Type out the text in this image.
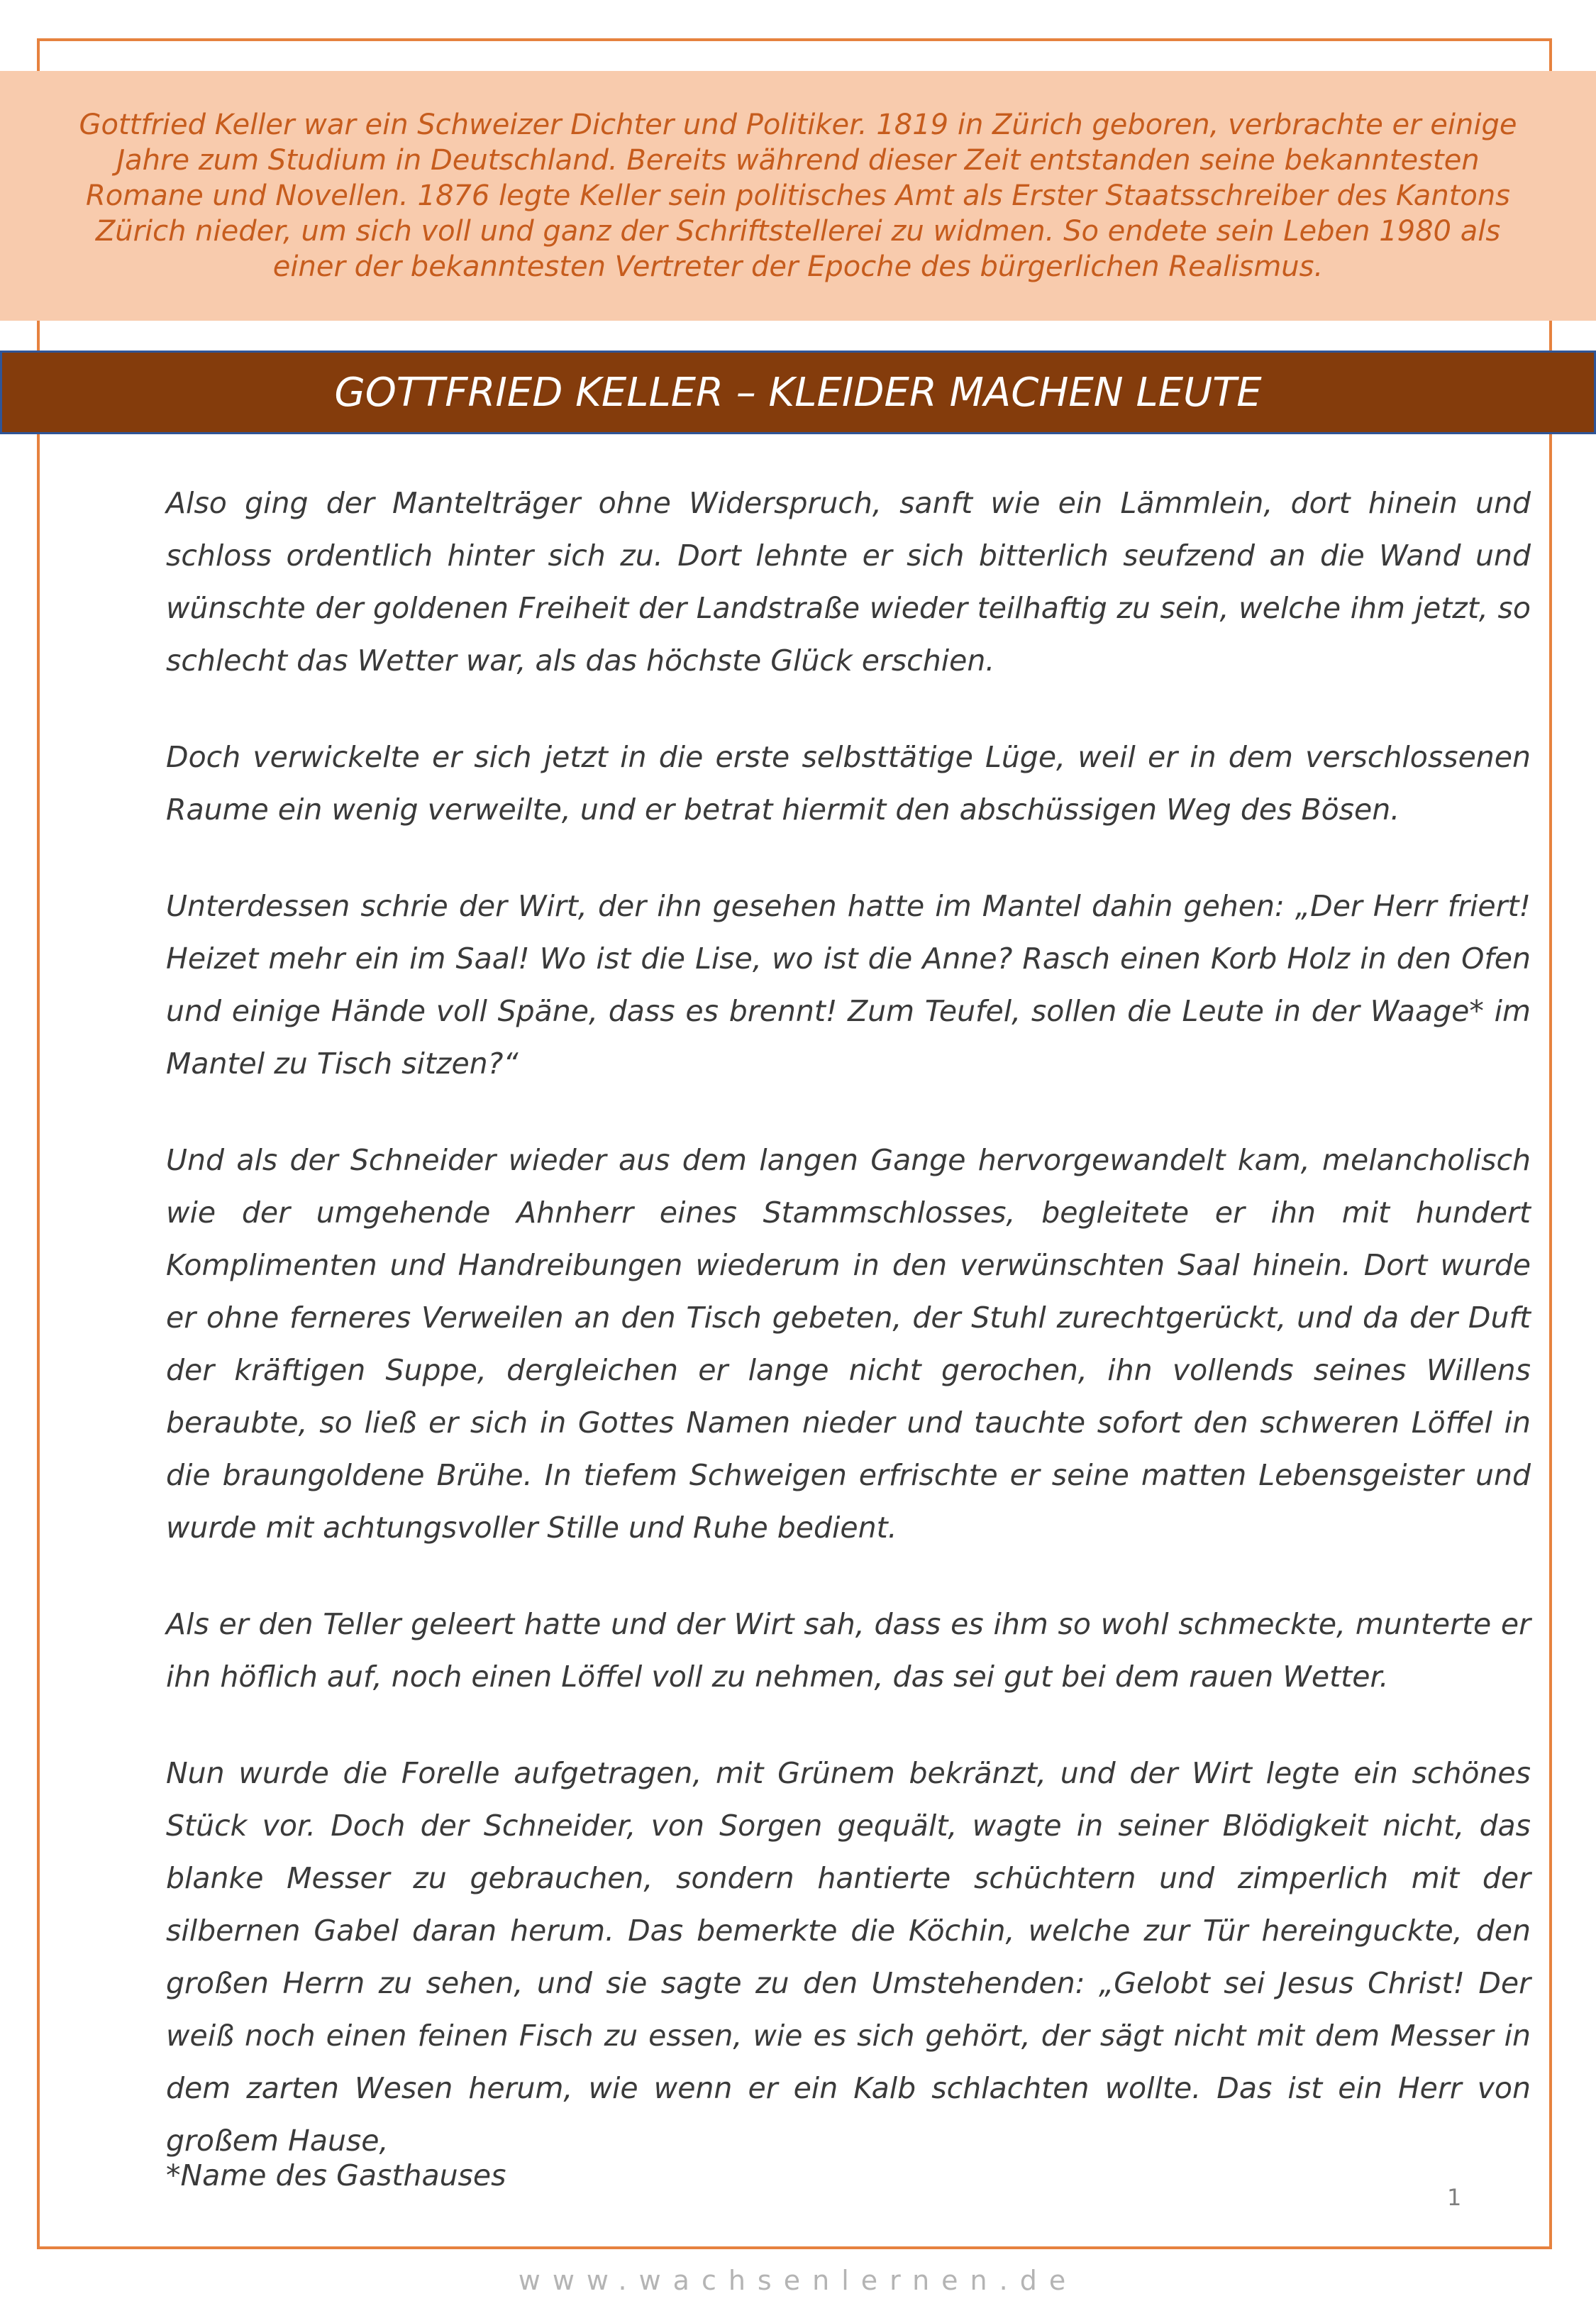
Gottfried Keller war ein Schweizer Dichter und Politiker. 1819 in Zürich geboren, verbrachte er einige Jahre zum Studium in Deutschland. Bereits während dieser Zeit entstanden seine bekanntesten Romane und Novellen. 1876 legte Keller sein politisches Amt als Erster Staatsschreiber des Kantons Zürich nieder, um sich voll und ganz der Schriftstellerei zu widmen. So endete sein Leben 1980 als einer der bekanntesten Vertreter der Epoche des bürgerlichen Realismus.

GOTTFRIED KELLER – KLEIDER MACHEN LEUTE

Also ging der Mantelträger ohne Widerspruch, sanft wie ein Lämmlein, dort hinein und schloss ordentlich hinter sich zu. Dort lehnte er sich bitterlich seufzend an die Wand und wünschte der goldenen Freiheit der Landstraße wieder teilhaftig zu sein, welche ihm jetzt, so schlecht das Wetter war, als das höchste Glück erschien.

Doch verwickelte er sich jetzt in die erste selbsttätige Lüge, weil er in dem verschlossenen Raume ein wenig verweilte, und er betrat hiermit den abschüssigen Weg des Bösen.

Unterdessen schrie der Wirt, der ihn gesehen hatte im Mantel dahin gehen: „Der Herr friert! Heizet mehr ein im Saal! Wo ist die Lise, wo ist die Anne? Rasch einen Korb Holz in den Ofen und einige Hände voll Späne, dass es brennt! Zum Teufel, sollen die Leute in der Waage* im Mantel zu Tisch sitzen?“

Und als der Schneider wieder aus dem langen Gange hervorgewandelt kam, melancholisch wie der umgehende Ahnherr eines Stammschlosses, begleitete er ihn mit hundert Komplimenten und Handreibungen wiederum in den verwünschten Saal hinein. Dort wurde er ohne ferneres Verweilen an den Tisch gebeten, der Stuhl zurechtgerückt, und da der Duft der kräftigen Suppe, dergleichen er lange nicht gerochen, ihn vollends seines Willens beraubte, so ließ er sich in Gottes Namen nieder und tauchte sofort den schweren Löffel in die braungoldene Brühe. In tiefem Schweigen erfrischte er seine matten Lebensgeister und wurde mit achtungsvoller Stille und Ruhe bedient.

Als er den Teller geleert hatte und der Wirt sah, dass es ihm so wohl schmeckte, munterte er ihn höflich auf, noch einen Löffel voll zu nehmen, das sei gut bei dem rauen Wetter.

Nun wurde die Forelle aufgetragen, mit Grünem bekränzt, und der Wirt legte ein schönes Stück vor. Doch der Schneider, von Sorgen gequält, wagte in seiner Blödigkeit nicht, das blanke Messer zu gebrauchen, sondern hantierte schüchtern und zimperlich mit der silbernen Gabel daran herum. Das bemerkte die Köchin, welche zur Tür hereinguckte, den großen Herrn zu sehen, und sie sagte zu den Umstehenden: „Gelobt sei Jesus Christ! Der weiß noch einen feinen Fisch zu essen, wie es sich gehört, der sägt nicht mit dem Messer in dem zarten Wesen herum, wie wenn er ein Kalb schlachten wollte. Das ist ein Herr von großem Hause,

*Name des Gasthauses

1

www.wachsenlernen.de
